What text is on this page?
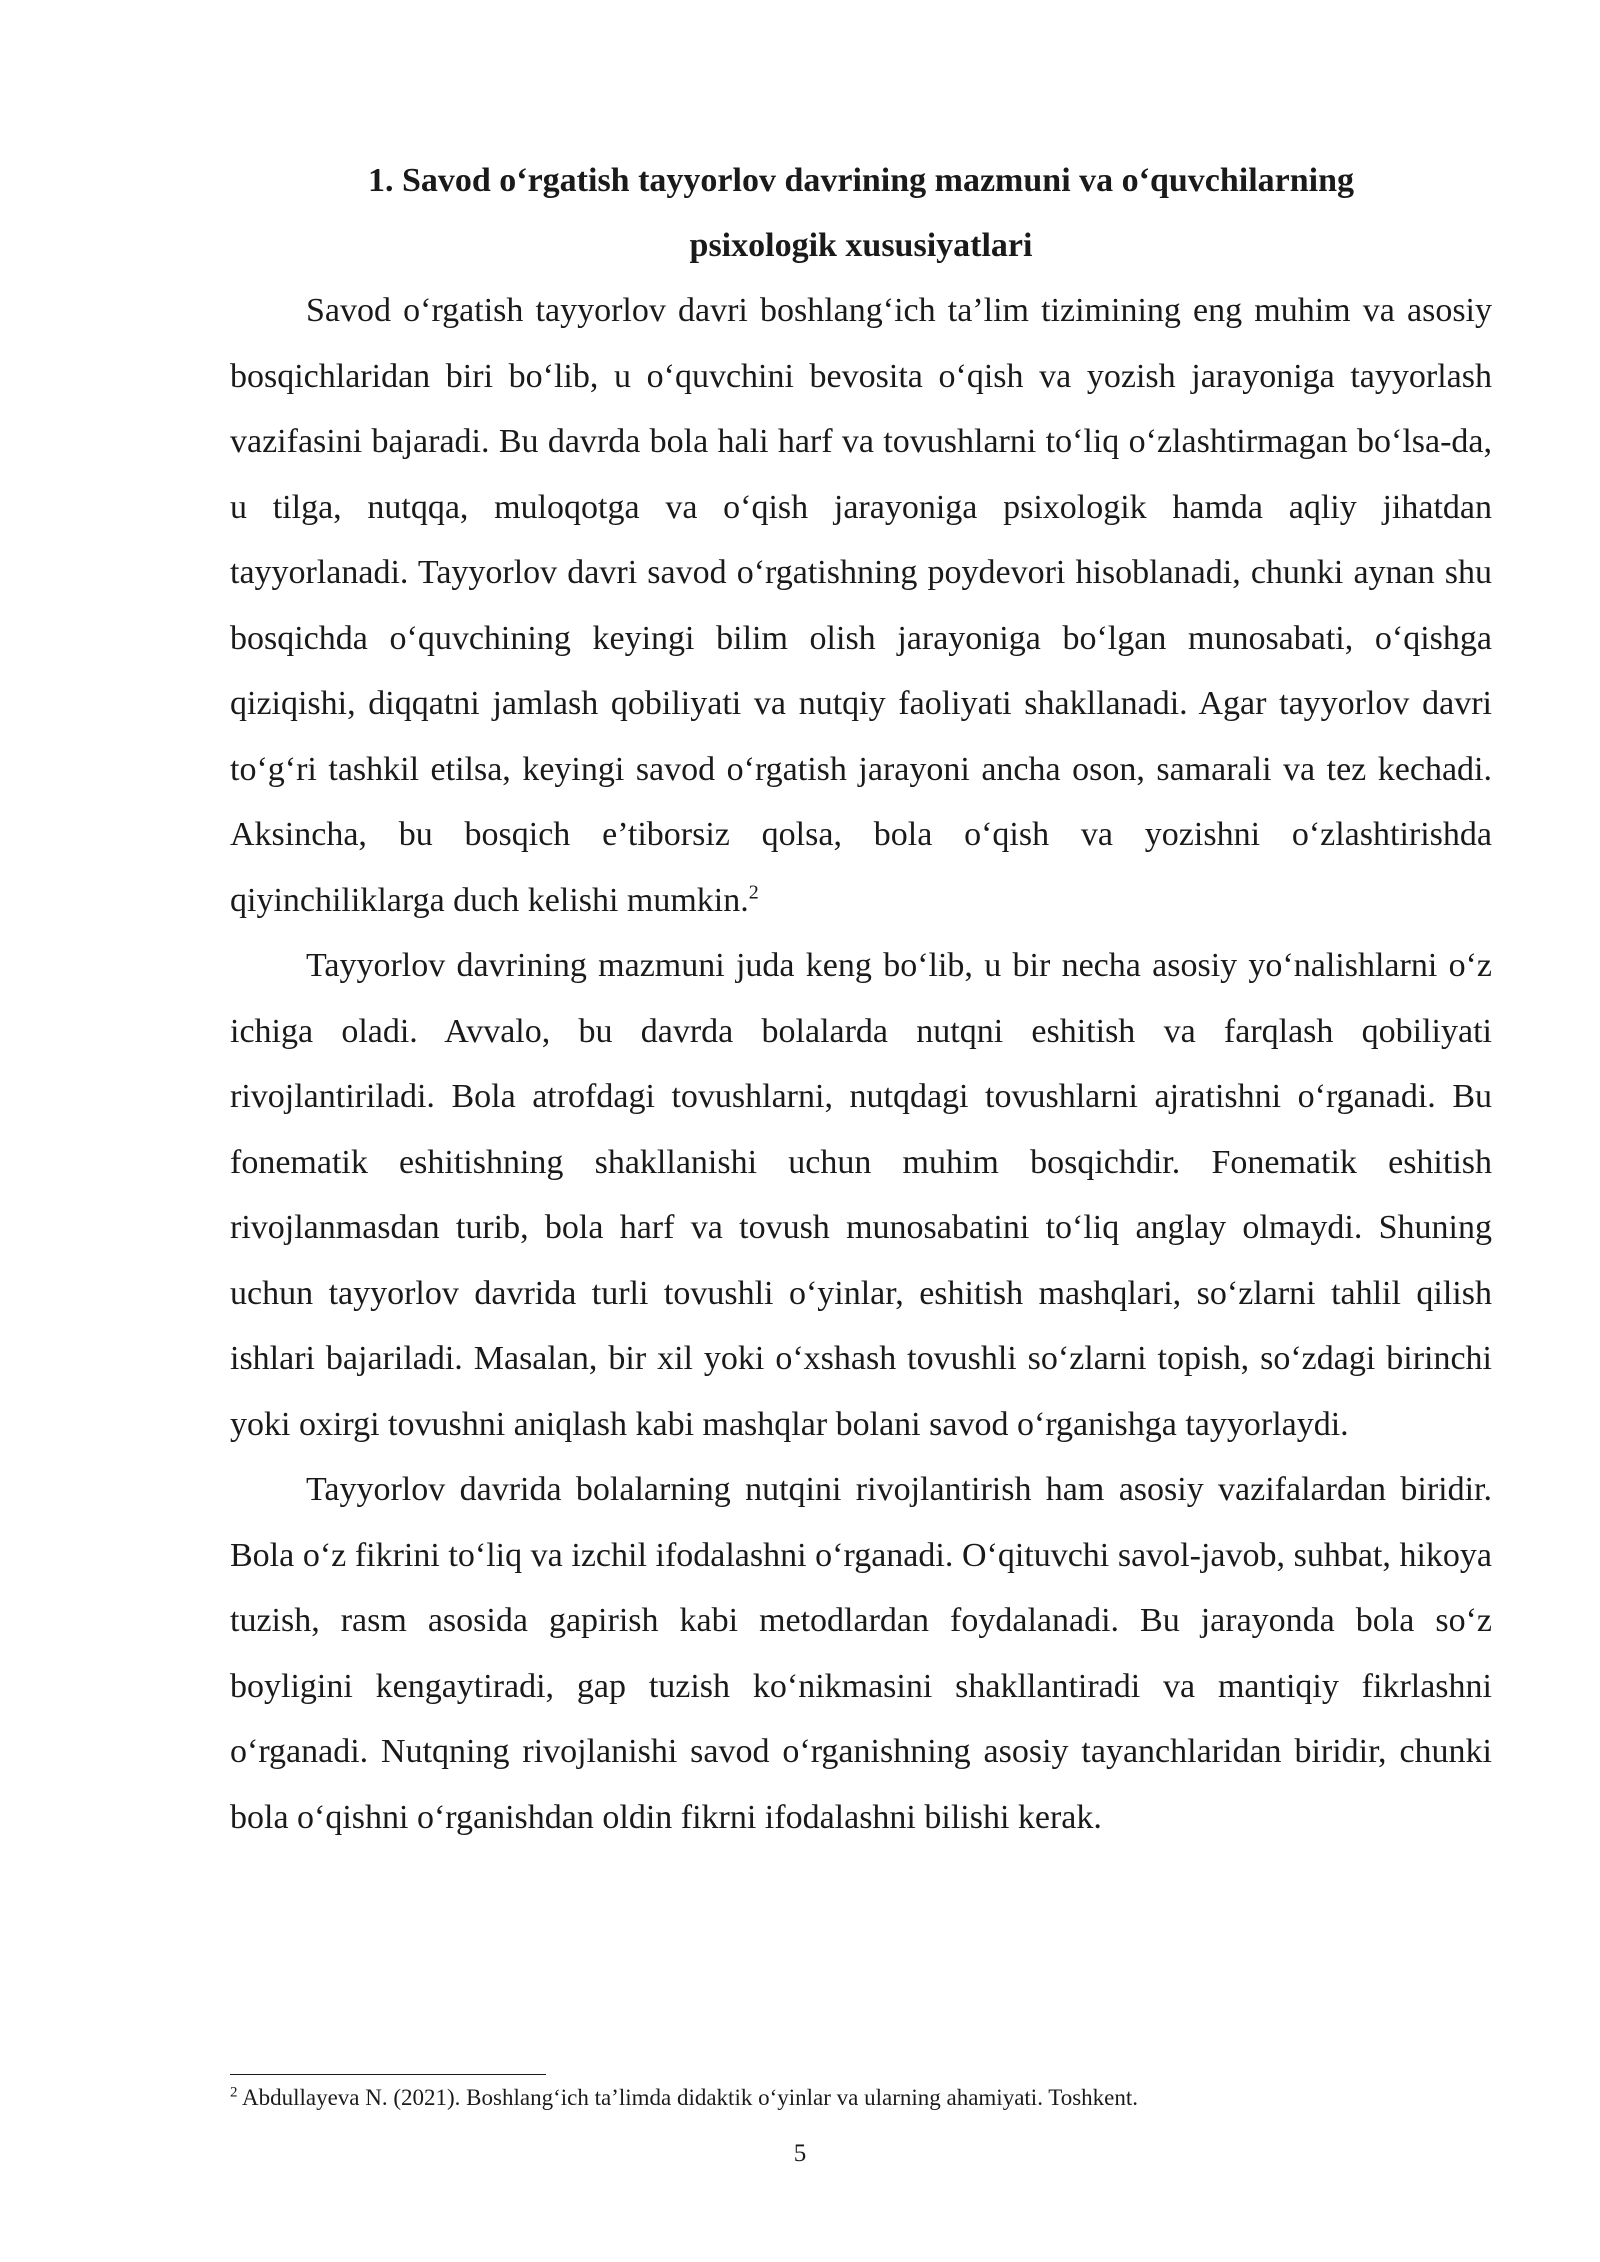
1. Savod o‘rgatish tayyorlov davrining mazmuni va o‘quvchilarning
psixologik xususiyatlari

Savod o‘rgatish tayyorlov davri boshlang‘ich ta’lim tizimining eng muhim va asosiy bosqichlaridan biri bo‘lib, u o‘quvchini bevosita o‘qish va yozish jarayoniga tayyorlash vazifasini bajaradi. Bu davrda bola hali harf va tovushlarni to‘liq o‘zlashtirmagan bo‘lsa-da, u tilga, nutqqa, muloqotga va o‘qish jarayoniga psixologik hamda aqliy jihatdan tayyorlanadi. Tayyorlov davri savod o‘rgatishning poydevori hisoblanadi, chunki aynan shu bosqichda o‘quvchining keyingi bilim olish jarayoniga bo‘lgan munosabati, o‘qishga qiziqishi, diqqatni jamlash qobiliyati va nutqiy faoliyati shakllanadi. Agar tayyorlov davri to‘g‘ri tashkil etilsa, keyingi savod o‘rgatish jarayoni ancha oson, samarali va tez kechadi. Aksincha, bu bosqich e’tiborsiz qolsa, bola o‘qish va yozishni o‘zlashtirishda qiyinchiliklarga duch kelishi mumkin.$^2$

Tayyorlov davrining mazmuni juda keng bo‘lib, u bir necha asosiy yo‘nalishlarni o‘z ichiga oladi. Avvalo, bu davrda bolalarda nutqni eshitish va farqlash qobiliyati rivojlantiriladi. Bola atrofdagi tovushlarni, nutqdagi tovushlarni ajratishni o‘rganadi. Bu fonematik eshitishning shakllanishi uchun muhim bosqichdir. Fonematik eshitish rivojlanmasdan turib, bola harf va tovush munosabatini to‘liq anglay olmaydi. Shuning uchun tayyorlov davrida turli tovushli o‘yinlar, eshitish mashqlari, so‘zlarni tahlil qilish ishlari bajariladi. Masalan, bir xil yoki o‘xshash tovushli so‘zlarni topish, so‘zdagi birinchi yoki oxirgi tovushni aniqlash kabi mashqlar bolani savod o‘rganishga tayyorlaydi.

Tayyorlov davrida bolalarning nutqini rivojlantirish ham asosiy vazifalardan biridir. Bola o‘z fikrini to‘liq va izchil ifodalashni o‘rganadi. O‘qituvchi savol-javob, suhbat, hikoya tuzish, rasm asosida gapirish kabi metodlardan foydalanadi. Bu jarayonda bola so‘z boyligini kengaytiradi, gap tuzish ko‘nikmasini shakllantiradi va mantiqiy fikrlashni o‘rganadi. Nutqning rivojlanishi savod o‘rganishning asosiy tayanchlaridan biridir, chunki bola o‘qishni o‘rganishdan oldin fikrni ifodalashni bilishi kerak.

$^2$ Abdullayeva N. (2021). Boshlang‘ich ta’limda didaktik o‘yinlar va ularning ahamiyati. Toshkent.
5
